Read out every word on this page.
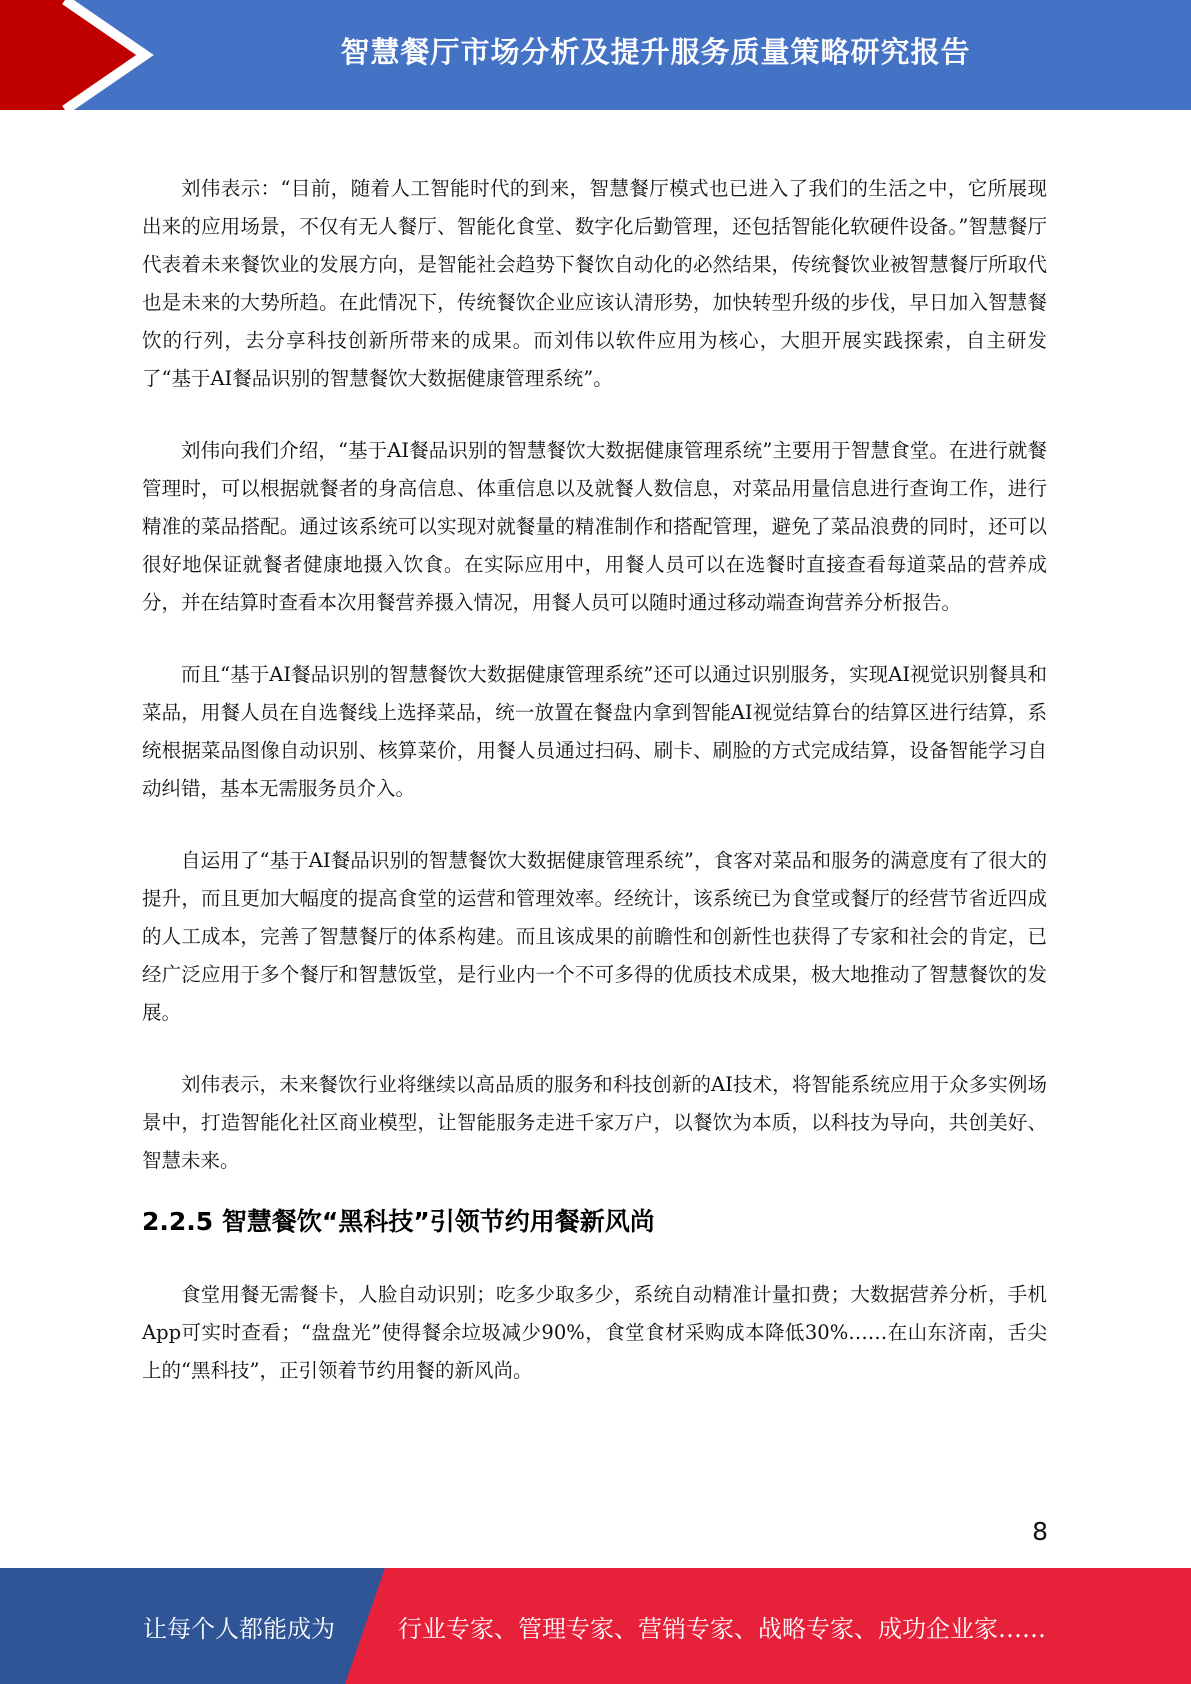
智慧餐厅市场分析及提升服务质量策略研究报告

刘伟表示：“目前，随着人工智能时代的到来，智慧餐厅模式也已进入了我们的生活之中，它所展现出来的应用场景，不仅有无人餐厅、智能化食堂、数字化后勤管理，还包括智能化软硬件设备。”智慧餐厅代表着未来餐饮业的发展方向，是智能社会趋势下餐饮自动化的必然结果，传统餐饮业被智慧餐厅所取代也是未来的大势所趋。在此情况下，传统餐饮企业应该认清形势，加快转型升级的步伐，早日加入智慧餐饮的行列，去分享科技创新所带来的成果。而刘伟以软件应用为核心，大胆开展实践探索，自主研发了“基于AI餐品识别的智慧餐饮大数据健康管理系统”。

刘伟向我们介绍，“基于AI餐品识别的智慧餐饮大数据健康管理系统”主要用于智慧食堂。在进行就餐管理时，可以根据就餐者的身高信息、体重信息以及就餐人数信息，对菜品用量信息进行查询工作，进行精准的菜品搭配。通过该系统可以实现对就餐量的精准制作和搭配管理，避免了菜品浪费的同时，还可以很好地保证就餐者健康地摄入饮食。在实际应用中，用餐人员可以在选餐时直接查看每道菜品的营养成分，并在结算时查看本次用餐营养摄入情况，用餐人员可以随时通过移动端查询营养分析报告。

而且“基于AI餐品识别的智慧餐饮大数据健康管理系统”还可以通过识别服务，实现AI视觉识别餐具和菜品，用餐人员在自选餐线上选择菜品，统一放置在餐盘内拿到智能AI视觉结算台的结算区进行结算，系统根据菜品图像自动识别、核算菜价，用餐人员通过扫码、刷卡、刷脸的方式完成结算，设备智能学习自动纠错，基本无需服务员介入。

自运用了“基于AI餐品识别的智慧餐饮大数据健康管理系统”，食客对菜品和服务的满意度有了很大的提升，而且更加大幅度的提高食堂的运营和管理效率。经统计，该系统已为食堂或餐厅的经营节省近四成的人工成本，完善了智慧餐厅的体系构建。而且该成果的前瞻性和创新性也获得了专家和社会的肯定，已经广泛应用于多个餐厅和智慧饭堂，是行业内一个不可多得的优质技术成果，极大地推动了智慧餐饮的发展。

刘伟表示，未来餐饮行业将继续以高品质的服务和科技创新的AI技术，将智能系统应用于众多实例场景中，打造智能化社区商业模型，让智能服务走进千家万户，以餐饮为本质，以科技为导向，共创美好、智慧未来。

2.2.5 智慧餐饮“黑科技”引领节约用餐新风尚

食堂用餐无需餐卡，人脸自动识别；吃多少取多少，系统自动精准计量扣费；大数据营养分析，手机App可实时查看；“盘盘光”使得餐余垃圾减少90%，食堂食材采购成本降低30%……在山东济南，舌尖上的“黑科技”，正引领着节约用餐的新风尚。

8
让每个人都能成为	行业专家、管理专家、营销专家、战略专家、成功企业家……
